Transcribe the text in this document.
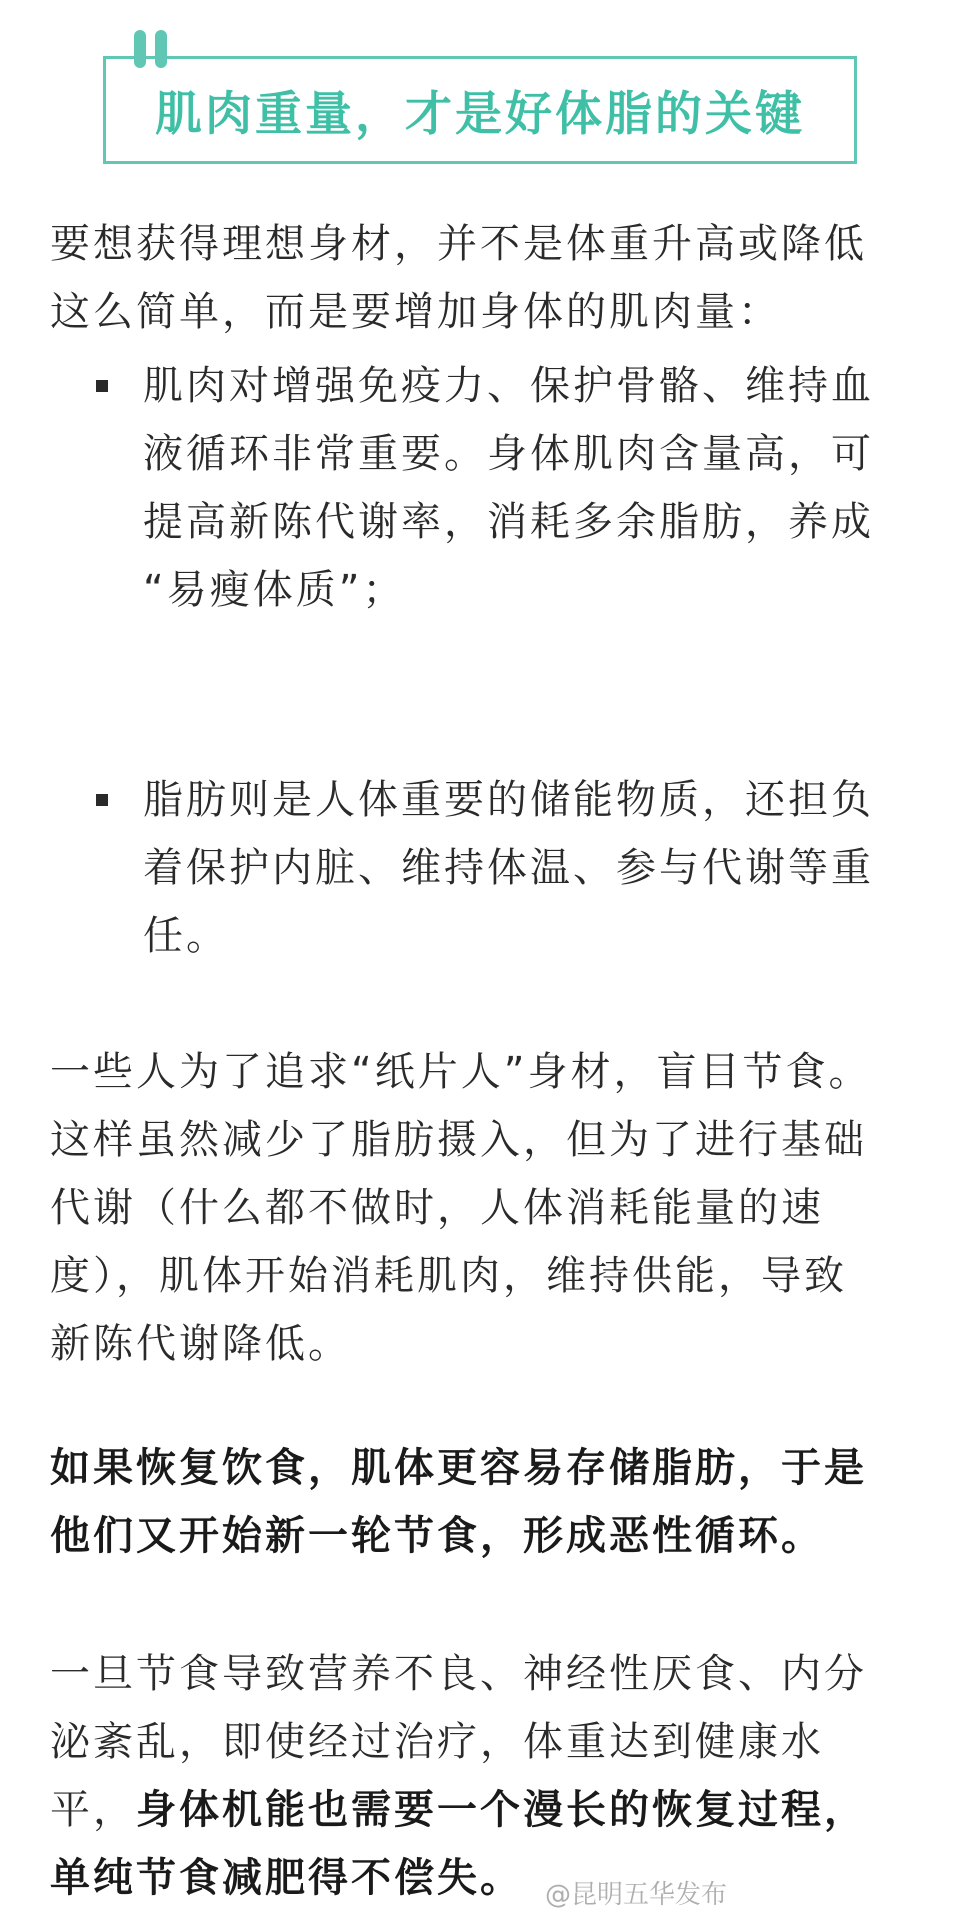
肌肉重量，才是好体脂的关键
要想获得理想身材，并不是体重升高或降低
这么简单，而是要增加身体的肌肉量：
肌肉对增强免疫力、保护骨骼、维持血
液循环非常重要。身体肌肉含量高，可
提高新陈代谢率，消耗多余脂肪，养成
“易瘦体质”；
脂肪则是人体重要的储能物质，还担负
着保护内脏、维持体温、参与代谢等重
任。
一些人为了追求“纸片人”身材，盲目节食。
这样虽然减少了脂肪摄入，但为了进行基础
代谢（什么都不做时，人体消耗能量的速
度），肌体开始消耗肌肉，维持供能，导致
新陈代谢降低。
如果恢复饮食，肌体更容易存储脂肪，于是
他们又开始新一轮节食，形成恶性循环。
一旦节食导致营养不良、神经性厌食、内分
泌紊乱，即使经过治疗，体重达到健康水
平，身体机能也需要一个漫长的恢复过程，
单纯节食减肥得不偿失。 @昆明五华发布
